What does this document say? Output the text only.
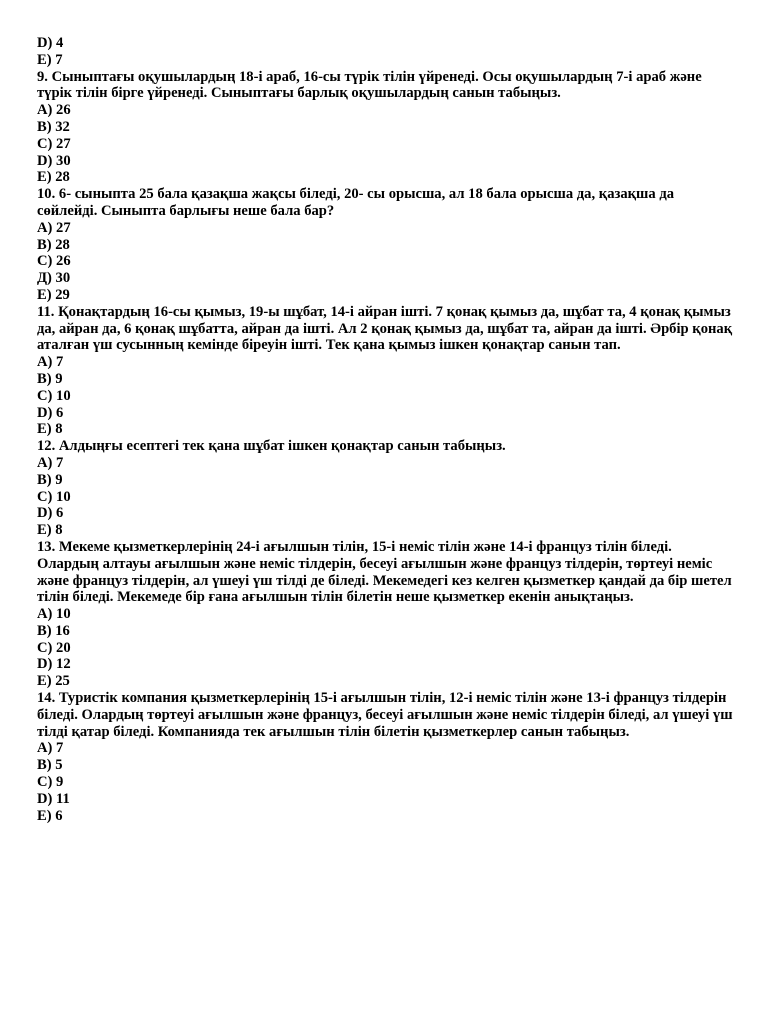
D) 4
E) 7
9. Сыныптағы оқушылардың 18-і араб, 16-сы түрік тілін үйренеді. Осы оқушылардың 7-і араб және түрік тілін бірге үйренеді. Сыныптағы барлық оқушылардың санын табыңыз.
A) 26
B) 32
C) 27
D) 30
E) 28
10. 6- сыныпта 25 бала қазақша жақсы біледі, 20- сы орысша, ал 18 бала орысша да, қазақша да сөйлейді. Сыныпта барлығы неше бала бар?
А) 27
В) 28
С) 26
Д) 30
Е) 29
11. Қонақтардың 16-сы қымыз, 19-ы шұбат, 14-і айран ішті. 7 қонақ қымыз да, шұбат та, 4 қонақ қымыз да, айран да, 6 қонақ шұбатта, айран да ішті. Ал 2 қонақ қымыз да, шұбат та, айран да ішті. Әрбір қонақ аталған үш сусынның кемінде біреуін ішті. Тек қана қымыз ішкен қонақтар санын тап.
A) 7
B) 9
C) 10
D) 6
E) 8
12. Алдыңғы есептегі тек қана шұбат ішкен қонақтар санын табыңыз.
A) 7
B) 9
C) 10
D) 6
E) 8
13. Мекеме қызметкерлерінің 24-і ағылшын тілін, 15-і неміс тілін және 14-і француз тілін біледі. Олардың алтауы ағылшын және неміс тілдерін, бесеуі ағылшын және француз тілдерін, төртеуі неміс және француз тілдерін, ал үшеуі үш тілді де біледі. Мекемедегі кез келген қызметкер қандай да бір шетел тілін біледі. Мекемеде бір ғана ағылшын тілін білетін неше қызметкер екенін анықтаңыз.
A) 10
B) 16
C) 20
D) 12
E) 25
14. Туристік компания қызметкерлерінің 15-і ағылшын тілін, 12-і неміс тілін және 13-і француз тілдерін біледі. Олардың төртеуі ағылшын және француз, бесеуі ағылшын және неміс тілдерін біледі, ал үшеуі үш тілді қатар біледі. Компанияда тек ағылшын тілін білетін қызметкерлер санын табыңыз.
A) 7
B) 5
C) 9
D) 11
E) 6
